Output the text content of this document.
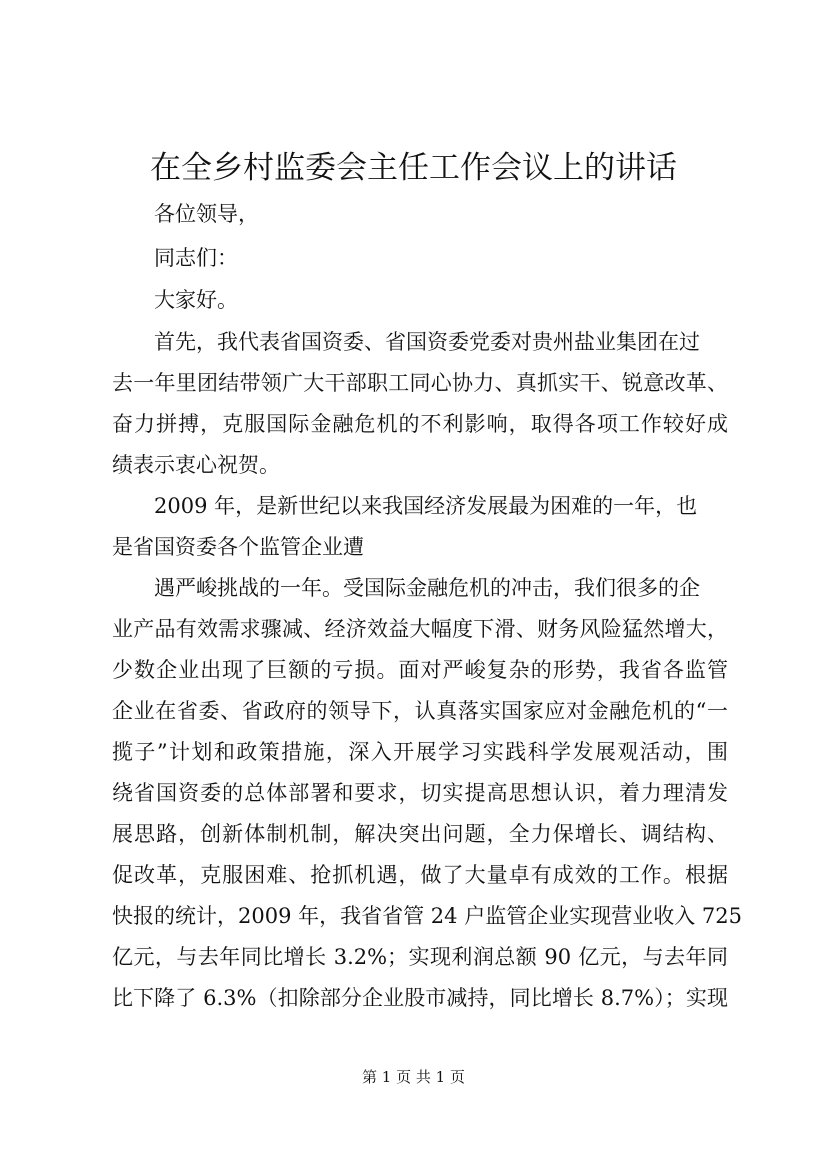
在全乡村监委会主任工作会议上的讲话

各位领导，

同志们：

大家好。

首先，我代表省国资委、省国资委党委对贵州盐业集团在过

去一年里团结带领广大干部职工同心协力、真抓实干、锐意改革、

奋力拼搏，克服国际金融危机的不利影响，取得各项工作较好成

绩表示衷心祝贺。

2009 年，是新世纪以来我国经济发展最为困难的一年，也

是省国资委各个监管企业遭

遇严峻挑战的一年。受国际金融危机的冲击，我们很多的企

业产品有效需求骤减、经济效益大幅度下滑、财务风险猛然增大，

少数企业出现了巨额的亏损。面对严峻复杂的形势，我省各监管

企业在省委、省政府的领导下，认真落实国家应对金融危机的“一

揽子”计划和政策措施，深入开展学习实践科学发展观活动，围

绕省国资委的总体部署和要求，切实提高思想认识，着力理清发

展思路，创新体制机制，解决突出问题，全力保增长、调结构、

促改革，克服困难、抢抓机遇，做了大量卓有成效的工作。根据

快报的统计，2009 年，我省省管 24 户监管企业实现营业收入 725

亿元，与去年同比增长 3.2%；实现利润总额 90 亿元，与去年同

比下降了 6.3%（扣除部分企业股市减持，同比增长 8.7%）；实现

第 1 页 共 1 页
